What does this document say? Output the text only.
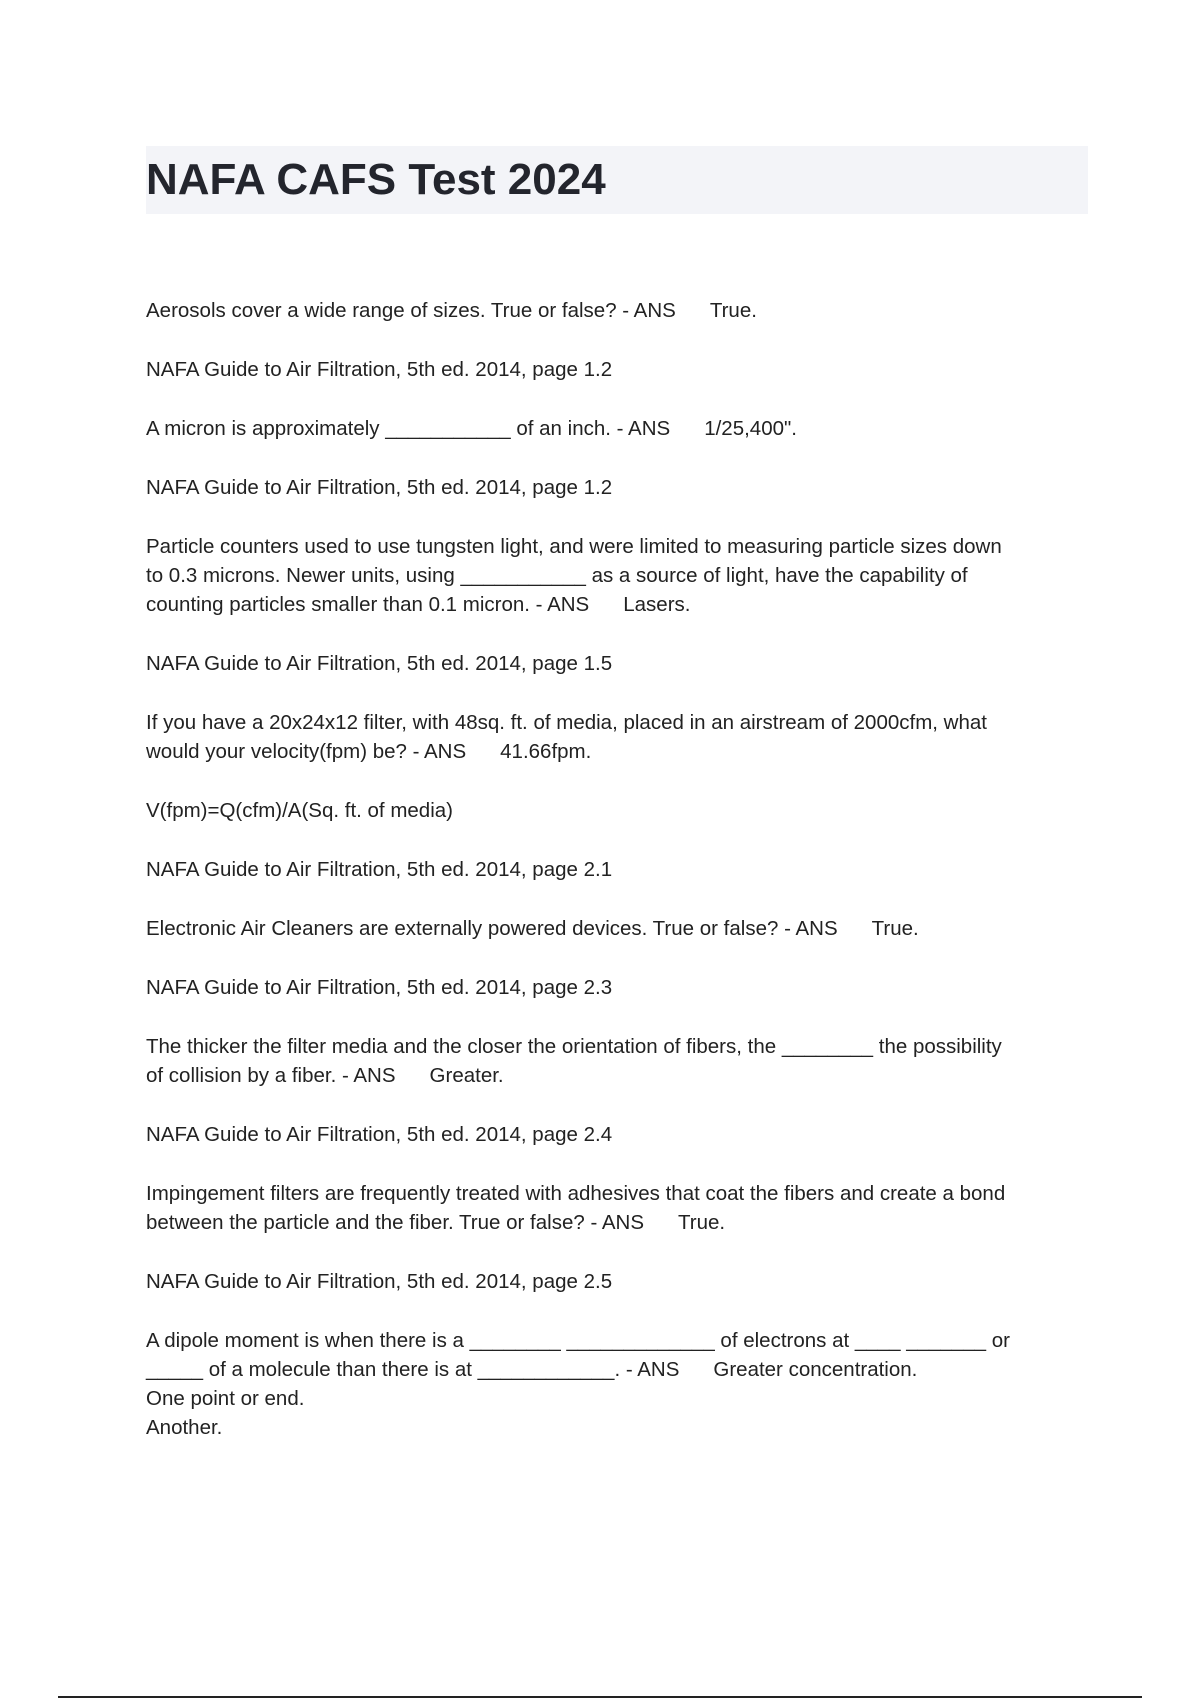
NAFA CAFS Test 2024

Aerosols cover a wide range of sizes. True or false? - ANS True.

NAFA Guide to Air Filtration, 5th ed. 2014, page 1.2

A micron is approximately ___________ of an inch. - ANS 1/25,400".

NAFA Guide to Air Filtration, 5th ed. 2014, page 1.2

Particle counters used to use tungsten light, and were limited to measuring particle sizes down
to 0.3 microns. Newer units, using ___________ as a source of light, have the capability of
counting particles smaller than 0.1 micron. - ANS Lasers.

NAFA Guide to Air Filtration, 5th ed. 2014, page 1.5

If you have a 20x24x12 filter, with 48sq. ft. of media, placed in an airstream of 2000cfm, what
would your velocity(fpm) be? - ANS 41.66fpm.

V(fpm)=Q(cfm)/A(Sq. ft. of media)

NAFA Guide to Air Filtration, 5th ed. 2014, page 2.1

Electronic Air Cleaners are externally powered devices. True or false? - ANS True.

NAFA Guide to Air Filtration, 5th ed. 2014, page 2.3

The thicker the filter media and the closer the orientation of fibers, the ________ the possibility
of collision by a fiber. - ANS Greater.

NAFA Guide to Air Filtration, 5th ed. 2014, page 2.4

Impingement filters are frequently treated with adhesives that coat the fibers and create a bond
between the particle and the fiber. True or false? - ANS True.

NAFA Guide to Air Filtration, 5th ed. 2014, page 2.5

A dipole moment is when there is a ________ _____________ of electrons at ____ _______ or
_____ of a molecule than there is at ____________. - ANS Greater concentration.
One point or end.
Another.
